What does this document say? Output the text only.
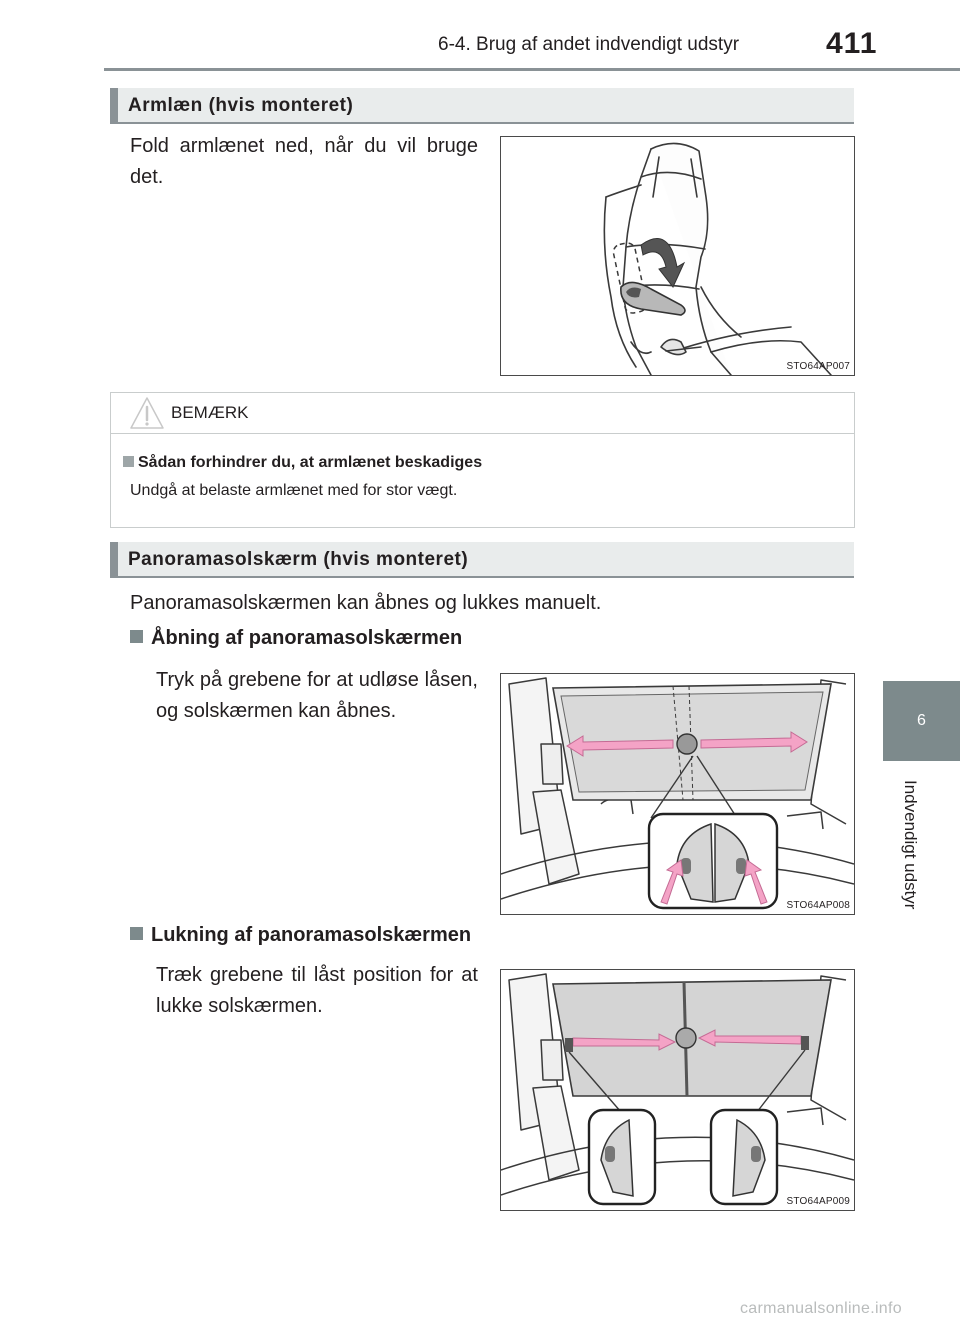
6-4. Brug af andet indvendigt udstyr	411
6
Indvendigt udstyr
Armlæn (hvis monteret)
Fold armlænet ned, når du vil bruge det.
STO64AP007
BEMÆRK
Sådan forhindrer du, at armlænet beskadiges
Undgå at belaste armlænet med for stor vægt.
Panoramasolskærm (hvis monteret)
Panoramasolskærmen kan åbnes og lukkes manuelt.
Åbning af panoramasolskærmen
Tryk på grebene for at udløse låsen, og solskærmen kan åbnes.
STO64AP008
Lukning af panoramasolskærmen
Træk grebene til låst position for at lukke solskærmen.
STO64AP009
carmanualsonline.info
